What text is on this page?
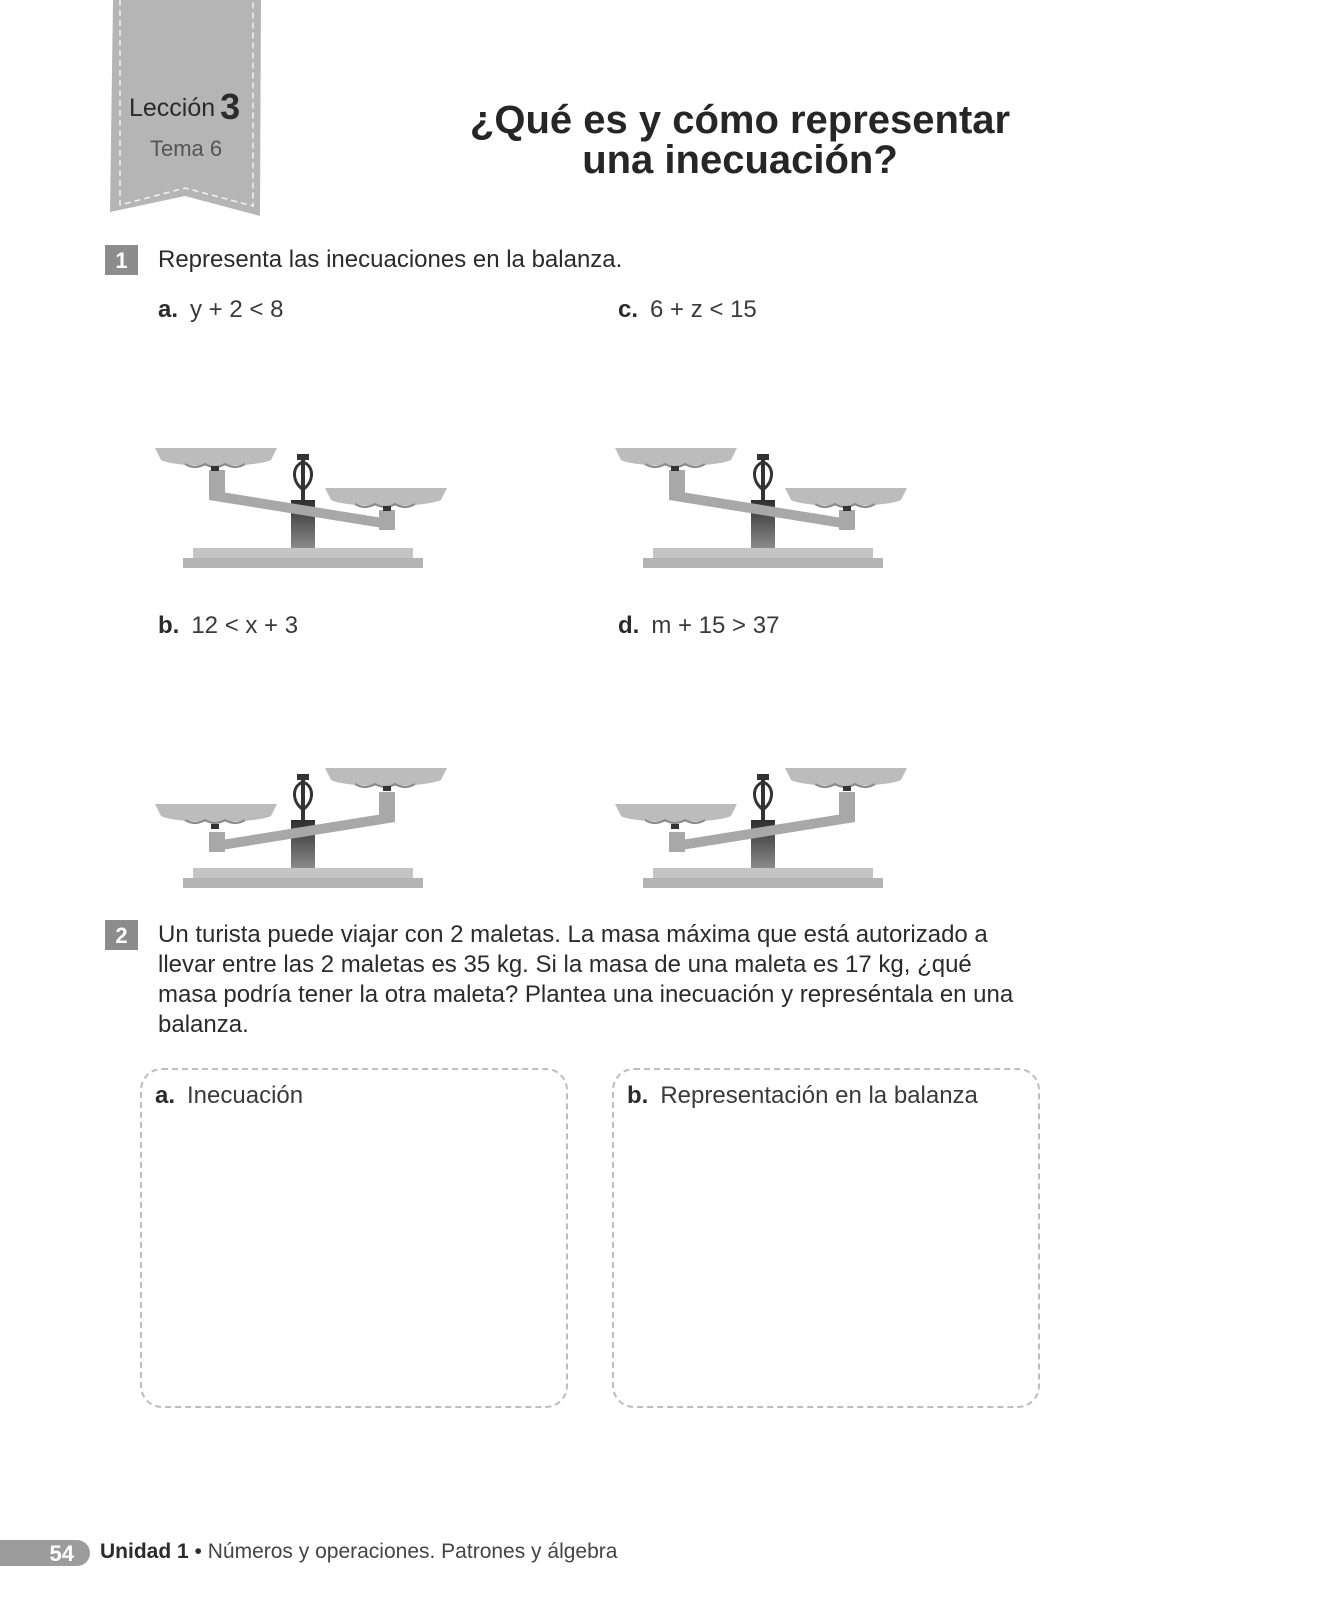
Lección 3
Tema 6
¿Qué es y cómo representar
una inecuación?
1	Representa las inecuaciones en la balanza.
a. y + 2 < 8	c. 6 + z < 15
b. 12 < x + 3	d. m + 15 > 37
2	Un turista puede viajar con 2 maletas. La masa máxima que está autorizado a llevar entre las 2 maletas es 35 kg. Si la masa de una maleta es 17 kg, ¿qué masa podría tener la otra maleta? Plantea una inecuación y represéntala en una balanza.
a. Inecuación	b. Representación en la balanza
54	Unidad 1 • Números y operaciones. Patrones y álgebra
